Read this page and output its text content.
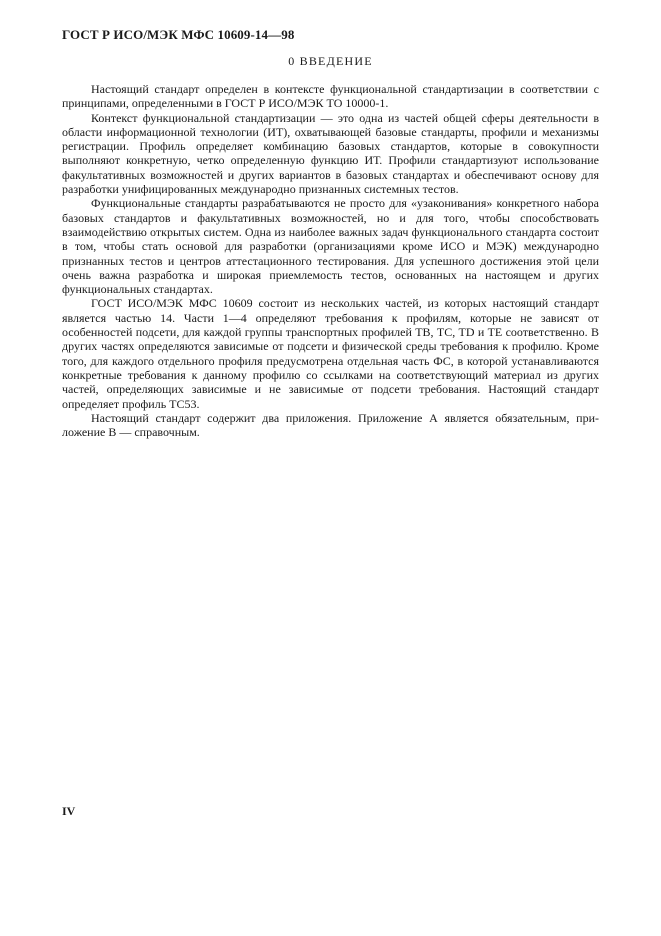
ГОСТ Р ИСО/МЭК МФС 10609-14—98
0 ВВЕДЕНИЕ

Настоящий стандарт определен в контексте функциональной стандартизации в соответствии с принципами, определенными в ГОСТ Р ИСО/МЭК ТО 10000-1.

Контекст функциональной стандартизации — это одна из частей общей сферы деятельности в области информационной технологии (ИТ), охватывающей базовые стандарты, профили и механизмы регистрации. Профиль определяет комбинацию базовых стандартов, которые в совокупности выполняют конкретную, четко определенную функцию ИТ. Профили стандартизуют использование факультативных возможностей и других вариантов в базовых стандартах и обеспечивают основу для разработки унифицированных международно признанных системных тестов.

Функциональные стандарты разрабатываются не просто для «узаконивания» конкретного набора базовых стандартов и факультативных возможностей, но и для того, чтобы способствовать взаимодействию открытых систем. Одна из наиболее важных задач функционального стандарта состоит в том, чтобы стать основой для разработки (организациями кроме ИСО и МЭК) международно признанных тестов и центров аттестационного тестирования. Для успешного достижения этой цели очень важна разработка и широкая приемлемость тестов, основанных на настоящем и других функциональных стандартах.

ГОСТ ИСО/МЭК МФС 10609 состоит из нескольких частей, из которых настоящий стандарт является частью 14. Части 1—4 определяют требования к профилям, которые не зависят от особенностей подсети, для каждой группы транспортных профилей ТВ, ТС, TD и ТЕ соответственно. В других частях определяются зависимые от подсети и физической среды требования к профилю. Кроме того, для каждого отдельного профиля предусмотрена отдельная часть ФС, в которой устанавливаются конкретные требования к данному профилю со ссылками на соответствующий материал из других частей, определяющих зависимые и не зависимые от подсети требования. Настоящий стандарт определяет профиль ТС53.

Настоящий стандарт содержит два приложения. Приложение А является обязательным, приложение В — справочным.

IV
